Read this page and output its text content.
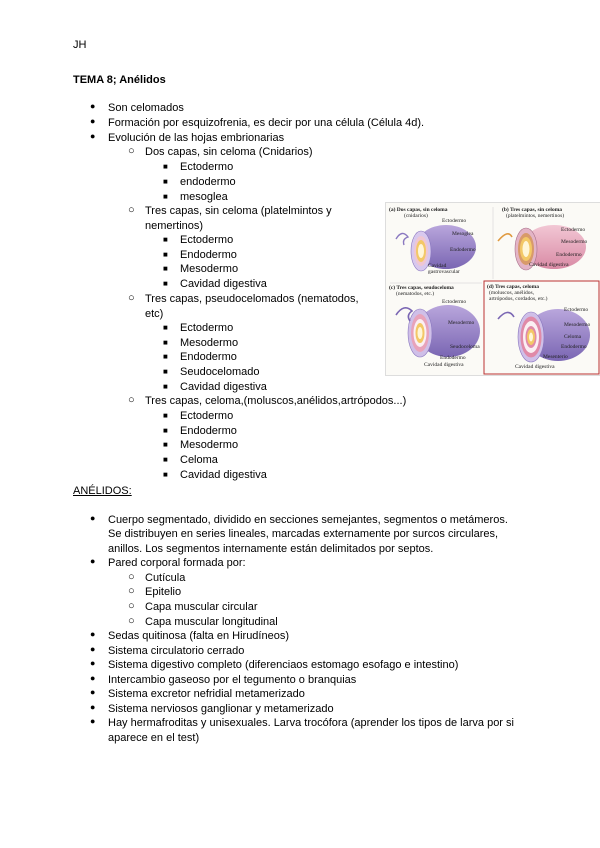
JH
TEMA 8; Anélidos
● Son celomados
● Formación por esquizofrenia, es decir por una célula (Célula 4d).
● Evolución de las hojas embrionarias
○ Dos capas, sin celoma (Cnidarios)
■ Ectodermo
■ endodermo
■ mesoglea
○ Tres capas, sin celoma (platelmintos y
nemertinos)
■ Ectodermo
■ Endodermo
■ Mesodermo
■ Cavidad digestiva
○ Tres capas, pseudocelomados (nematodos,
etc)
■ Ectodermo
■ Mesodermo
■ Endodermo
■ Seudocelomado
■ Cavidad digestiva
○ Tres capas, celoma,(moluscos,anélidos,artrópodos...)
■ Ectodermo
■ Endodermo
■ Mesodermo
■ Celoma
■ Cavidad digestiva
(a) Dos capas, sin celoma
(cnidarios)
Ectodermo
Mesoglea
Endodermo
Cavidad
gastrovascular
(b) Tres capas, sin celoma
(platelmintos, nemertinos)
Ectodermo
Mesodermo
Endodermo
Cavidad digestiva
(c) Tres capas, seudoceloma
(nematodos, etc.)
Ectodermo
Mesodermo
Seudoceloma
Endodermo
Cavidad digestiva
(d) Tres capas, celoma
(moluscos, anélidos,
artrópodos, cordados, etc.)
Ectodermo
Mesodermo
Celoma
Endodermo
Mesenterio
Cavidad digestiva
ANÉLIDOS:
● Cuerpo segmentado, dividido en secciones semejantes, segmentos o metámeros.
Se distribuyen en series lineales, marcadas externamente por surcos circulares,
anillos. Los segmentos internamente están delimitados por septos.
● Pared corporal formada por:
○ Cutícula
○ Epitelio
○ Capa muscular circular
○ Capa muscular longitudinal
● Sedas quitinosa (falta en Hirudíneos)
● Sistema circulatorio cerrado
● Sistema digestivo completo (diferenciaos estomago esofago e intestino)
● Intercambio gaseoso por el tegumento o branquias
● Sistema excretor nefridial metamerizado
● Sistema nerviosos ganglionar y metamerizado
● Hay hermafroditas y unisexuales. Larva trocófora (aprender los tipos de larva por si
aparece en el test)
